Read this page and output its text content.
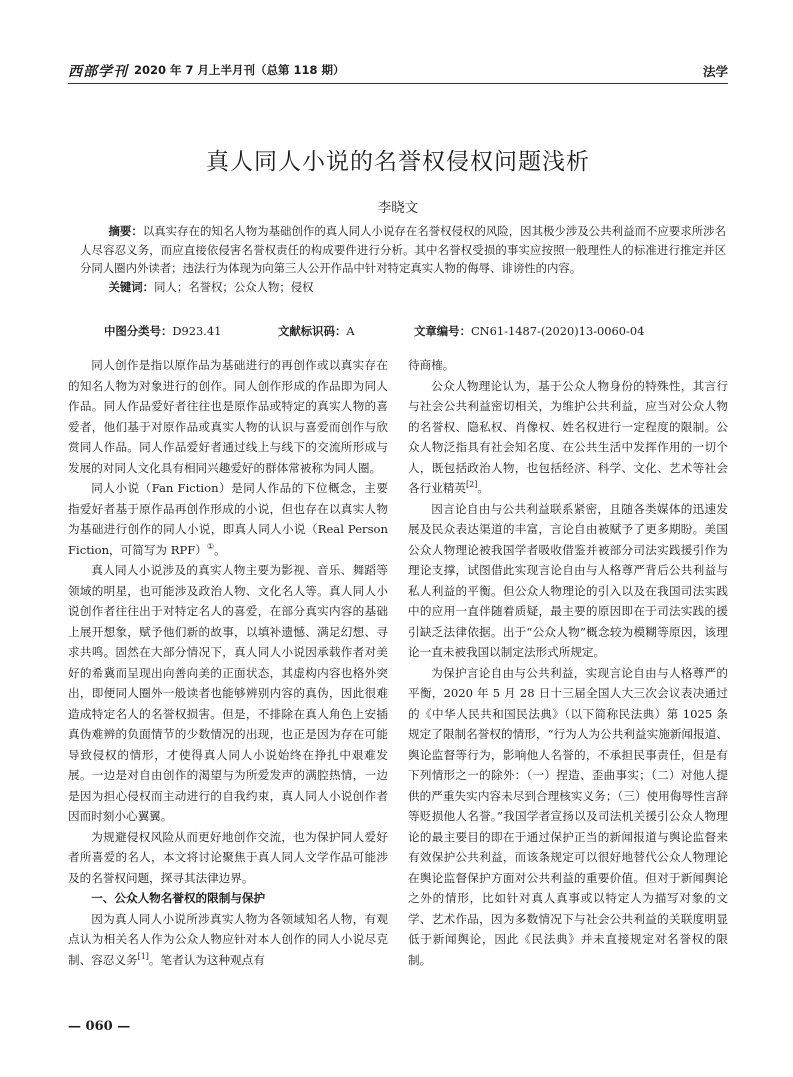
西部学刊 2020 年 7 月上半月刊（总第 118 期）	法学
真人同人小说的名誉权侵权问题浅析
李晓文

摘要：以真实存在的知名人物为基础创作的真人同人小说存在名誉权侵权的风险，因其极少涉及公共利益而不应要求所涉名人尽容忍义务，而应直接依侵害名誉权责任的构成要件进行分析。其中名誉权受损的事实应按照一般理性人的标准进行推定并区分同人圈内外读者；违法行为体现为向第三人公开作品中针对特定真实人物的侮辱、诽谤性的内容。

关键词：同人；名誉权；公众人物；侵权

中图分类号：D923.41	文献标识码：A	文章编号：CN61-1487-(2020)13-0060-04

同人创作是指以原作品为基础进行的再创作或以真实存在的知名人物为对象进行的创作。同人创作形成的作品即为同人作品。同人作品爱好者往往也是原作品或特定的真实人物的喜爱者，他们基于对原作品或真实人物的认识与喜爱而创作与欣赏同人作品。同人作品爱好者通过线上与线下的交流所形成与发展的对同人文化具有相同兴趣爱好的群体常被称为同人圈。

同人小说（Fan Fiction）是同人作品的下位概念，主要指爱好者基于原作品再创作形成的小说，但也存在以真实人物为基础进行创作的同人小说，即真人同人小说（Real Person Fiction，可简写为 RPF）①。

真人同人小说涉及的真实人物主要为影视、音乐、舞蹈等领域的明星，也可能涉及政治人物、文化名人等。真人同人小说创作者往往出于对特定名人的喜爱，在部分真实内容的基础上展开想象，赋予他们新的故事，以填补遗憾、满足幻想、寻求共鸣。固然在大部分情况下，真人同人小说因承载作者对美好的希冀而呈现出向善向美的正面状态，其虚构内容也格外突出，即便同人圈外一般读者也能够辨别内容的真伪，因此很难造成特定名人的名誉权损害。但是，不排除在真人角色上安插真伪难辨的负面情节的少数情况的出现，也正是因为存在可能导致侵权的情形，才使得真人同人小说始终在挣扎中艰难发展。一边是对自由创作的渴望与为所爱发声的满腔热情，一边是因为担心侵权而主动进行的自我约束，真人同人小说创作者因而时刻小心翼翼。

为规避侵权风险从而更好地创作交流，也为保护同人爱好者所喜爱的名人，本文将讨论聚焦于真人同人文学作品可能涉及的名誉权问题，探寻其法律边界。

一、公众人物名誉权的限制与保护

因为真人同人小说所涉真实人物为各领域知名人物，有观点认为相关名人作为公众人物应针对本人创作的同人小说尽克制、容忍义务[1]。笔者认为这种观点有

待商榷。

公众人物理论认为，基于公众人物身份的特殊性，其言行与社会公共利益密切相关，为维护公共利益，应当对公众人物的名誉权、隐私权、肖像权、姓名权进行一定程度的限制。公众人物泛指具有社会知名度、在公共生活中发挥作用的一切个人，既包括政治人物，也包括经济、科学、文化、艺术等社会各行业精英[2]。

因言论自由与公共利益联系紧密，且随各类媒体的迅速发展及民众表达渠道的丰富，言论自由被赋予了更多期盼。美国公众人物理论被我国学者吸收借鉴并被部分司法实践援引作为理论支撑，试图借此实现言论自由与人格尊严背后公共利益与私人利益的平衡。但公众人物理论的引入以及在我国司法实践中的应用一直伴随着质疑，最主要的原因即在于司法实践的援引缺乏法律依据。出于“公众人物”概念较为模糊等原因，该理论一直未被我国以制定法形式所规定。

为保护言论自由与公共利益，实现言论自由与人格尊严的平衡，2020 年 5 月 28 日十三届全国人大三次会议表决通过的《中华人民共和国民法典》（以下简称民法典）第 1025 条规定了限制名誉权的情形，“行为人为公共利益实施新闻报道、舆论监督等行为，影响他人名誉的，不承担民事责任，但是有下列情形之一的除外：（一）捏造、歪曲事实；（二）对他人提供的严重失实内容未尽到合理核实义务；（三）使用侮辱性言辞等贬损他人名誉。”我国学者宣扬以及司法机关援引公众人物理论的最主要目的即在于通过保护正当的新闻报道与舆论监督来有效保护公共利益，而该条规定可以很好地替代公众人物理论在舆论监督保护方面对公共利益的重要价值。但对于新闻舆论之外的情形，比如针对真人真事或以特定人为描写对象的文学、艺术作品，因为多数情况下与社会公共利益的关联度明显低于新闻舆论，因此《民法典》并未直接规定对名誉权的限制。

— 060 —
